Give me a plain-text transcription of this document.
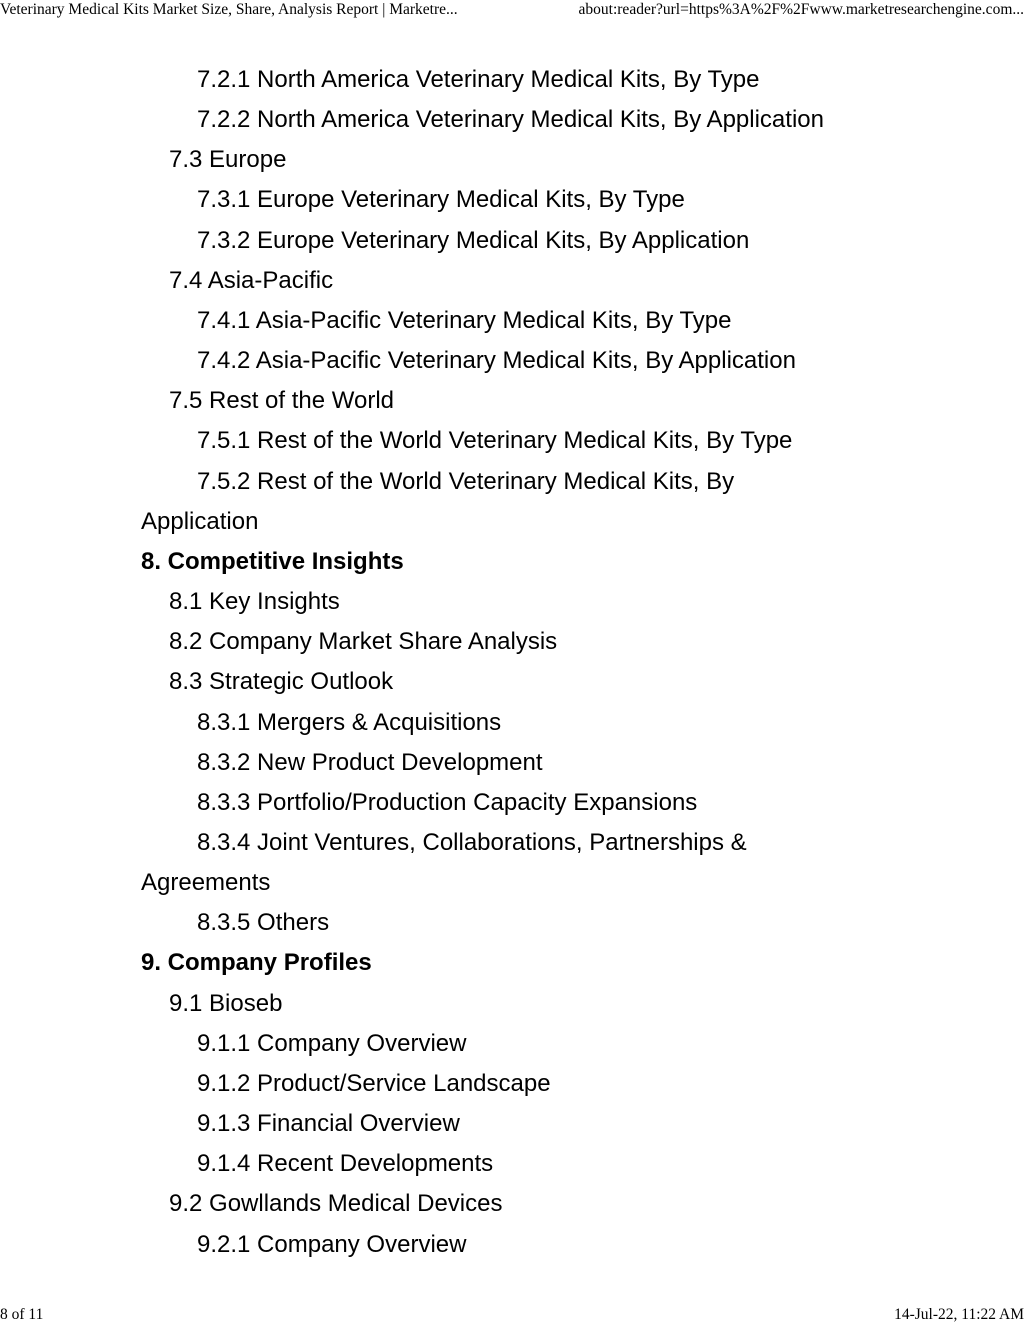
Veterinary Medical Kits Market Size, Share, Analysis Report | Marketre...	about:reader?url=https%3A%2F%2Fwww.marketresearchengine.com...
7.2.1 North America Veterinary Medical Kits, By Type
7.2.2 North America Veterinary Medical Kits, By Application
7.3 Europe
7.3.1 Europe Veterinary Medical Kits, By Type
7.3.2 Europe Veterinary Medical Kits, By Application
7.4 Asia-Pacific
7.4.1 Asia-Pacific Veterinary Medical Kits, By Type
7.4.2 Asia-Pacific Veterinary Medical Kits, By Application
7.5 Rest of the World
7.5.1 Rest of the World Veterinary Medical Kits, By Type
7.5.2 Rest of the World Veterinary Medical Kits, By
Application
8. Competitive Insights
8.1 Key Insights
8.2 Company Market Share Analysis
8.3 Strategic Outlook
8.3.1 Mergers & Acquisitions
8.3.2 New Product Development
8.3.3 Portfolio/Production Capacity Expansions
8.3.4 Joint Ventures, Collaborations, Partnerships &
Agreements
8.3.5 Others
9. Company Profiles
9.1 Bioseb
9.1.1 Company Overview
9.1.2 Product/Service Landscape
9.1.3 Financial Overview
9.1.4 Recent Developments
9.2 Gowllands Medical Devices
9.2.1 Company Overview
8 of 11	14-Jul-22, 11:22 AM
